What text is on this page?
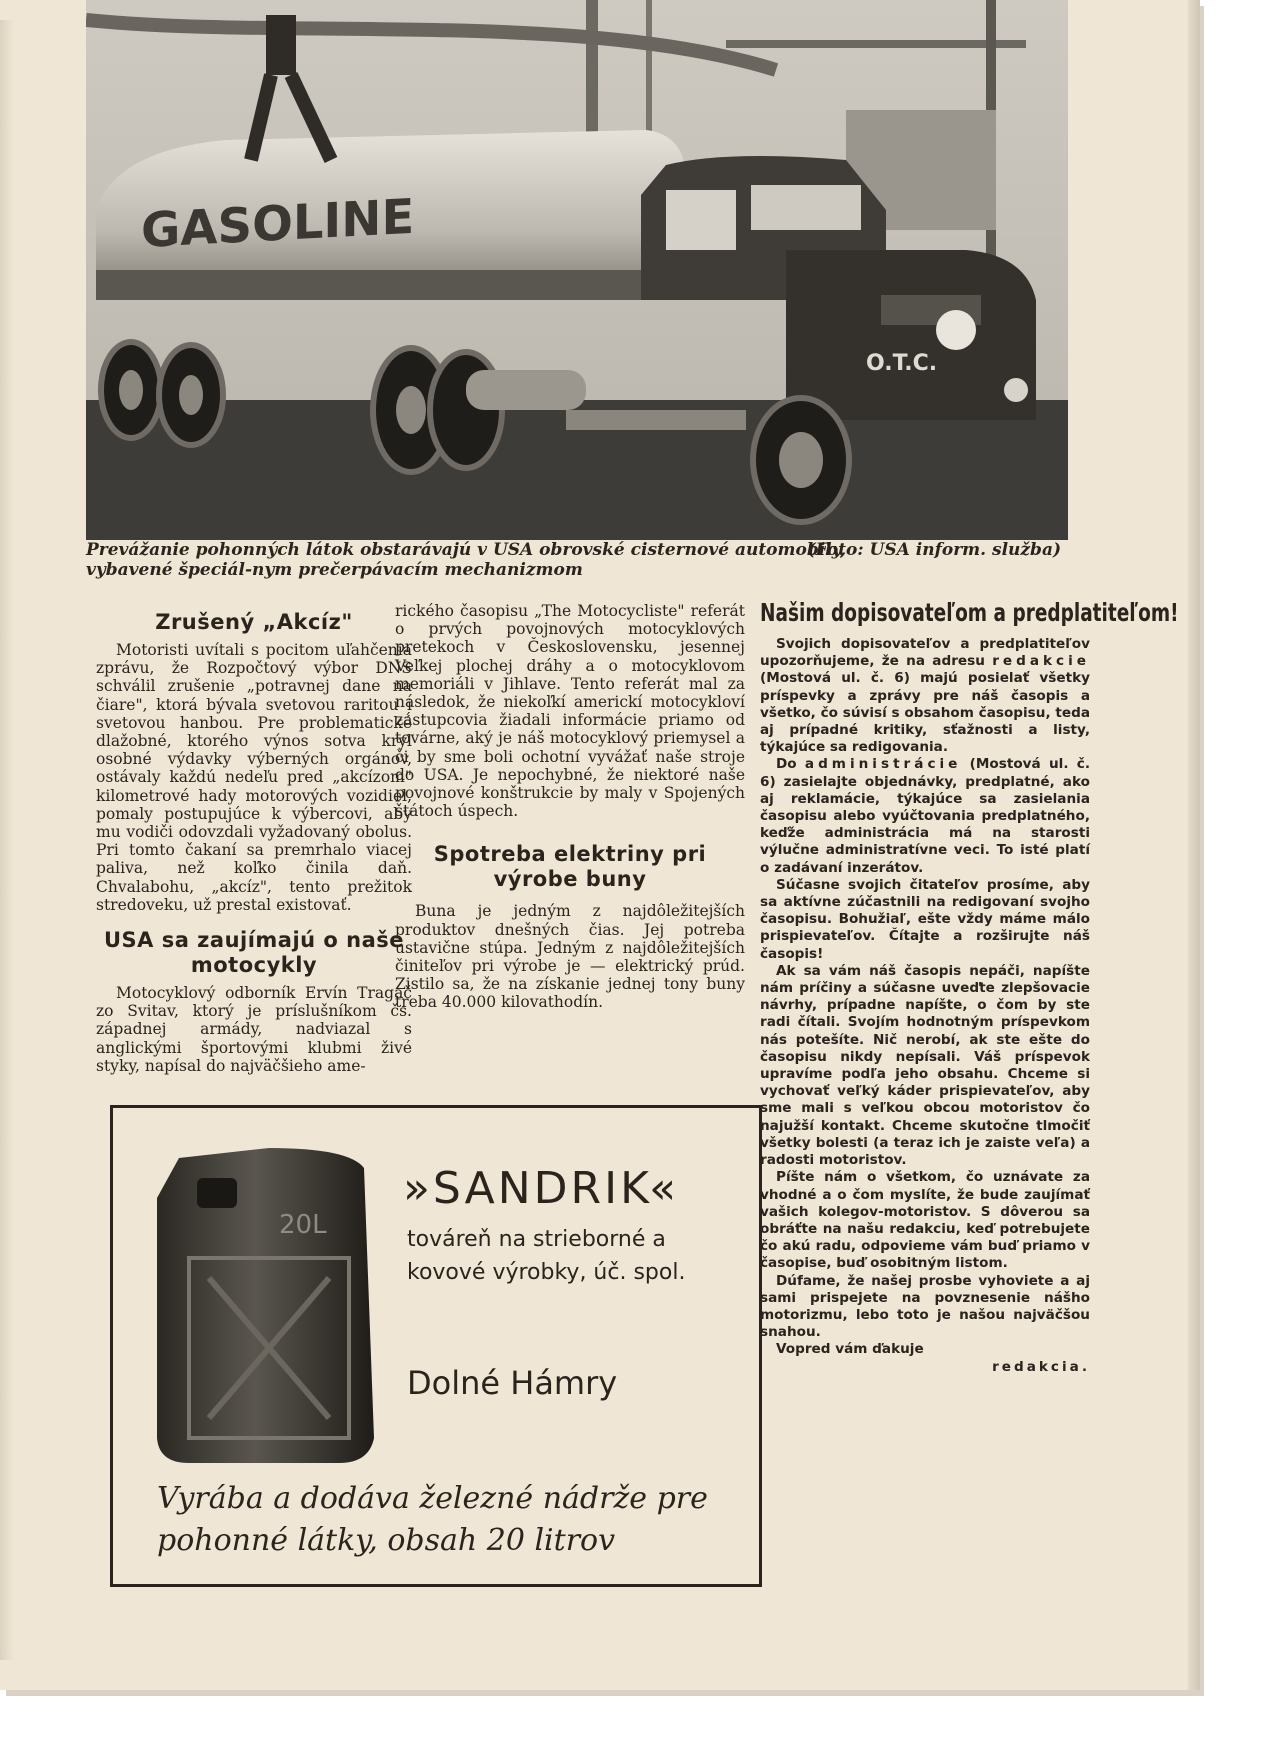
GASOLINE
O.T.C.
Prevážanie pohonných látok obstarávajú v USA obrovské cisternové automobily, vybavené špeciál-nym prečerpávacím mechanizmom
(Foto: USA inform. služba)
Zrušený „Akcíz"

Motoristi uvítali s pocitom uľahčenia zprávu, že Rozpočtový výbor DNS schválil zrušenie „potravnej dane na čiare", ktorá bývala svetovou raritou i svetovou hanbou. Pre problematické dlažobné, ktorého výnos sotva kryl osobné výdavky výberných orgánov, ostávaly každú nedeľu pred „akcízom" kilometrové hady motorových vozidiel, pomaly postupujúce k výbercovi, aby mu vodiči odovzdali vyžadovaný obolus. Pri tomto čakaní sa premrhalo viacej paliva, než koľko činila daň. Chvalabohu, „akcíz", tento prežitok stredoveku, už prestal existovať.

USA sa zaujímajú o naše motocykly

Motocyklový odborník Ervín Tragač zo Svitav, ktorý je príslušníkom čs. západnej armády, nadviazal s anglickými športovými klubmi živé styky, napísal do najväčšieho ame-

rického časopisu „The Motocycliste" referát o prvých povojnových motocyklových pretekoch v Československu, jesennej Veľkej plochej dráhy a o motocyklovom memoriáli v Jihlave. Tento referát mal za následok, že niekoľkí americkí motocykloví zástupcovia žiadali informácie priamo od továrne, aký je náš motocyklový priemysel a či by sme boli ochotní vyvážať naše stroje do USA. Je nepochybné, že niektoré naše povojnové konštrukcie by maly v Spojených štátoch úspech.

Spotreba elektriny pri výrobe buny

Buna je jedným z najdôležitejších produktov dnešných čias. Jej potreba ustavične stúpa. Jedným z najdôležitejších činiteľov pri výrobe je — elektrický prúd. Zistilo sa, že na získanie jednej tony buny treba 40.000 kilovathodín.

Našim dopisovateľom a predplatiteľom!

Svojich dopisovateľov a predplatiteľov upozorňujeme, že na adresu redakcie (Mostová ul. č. 6) majú posielať všetky príspevky a zprávy pre náš časopis a všetko, čo súvisí s obsahom časopisu, teda aj prípadné kritiky, sťažnosti a listy, týkajúce sa redigovania.

Do administrácie (Mostová ul. č. 6) zasielajte objednávky, predplatné, ako aj reklamácie, týkajúce sa zasielania časopisu alebo vyúčtovania predplatného, keďže administrácia má na starosti výlučne administratívne veci. To isté platí o zadávaní inzerátov.

Súčasne svojich čitateľov prosíme, aby sa aktívne zúčastnili na redigovaní svojho časopisu. Bohužiaľ, ešte vždy máme málo prispievateľov. Čítajte a rozširujte náš časopis!

Ak sa vám náš časopis nepáči, napíšte nám príčiny a súčasne uveďte zlepšovacie návrhy, prípadne napíšte, o čom by ste radi čítali. Svojím hodnotným príspevkom nás potešíte. Nič nerobí, ak ste ešte do časopisu nikdy nepísali. Váš príspevok upravíme podľa jeho obsahu. Chceme si vychovať veľký káder prispievateľov, aby sme mali s veľkou obcou motoristov čo najužší kontakt. Chceme skutočne tlmočiť všetky bolesti (a teraz ich je zaiste veľa) a radosti motoristov.

Píšte nám o všetkom, čo uznávate za vhodné a o čom myslíte, že bude zaujímať vašich kolegov-motoristov. S dôverou sa obráťte na našu redakciu, keď potrebujete čo akú radu, odpovieme vám buď priamo v časopise, buď osobitným listom.

Dúfame, že našej prosbe vyhoviete a aj sami prispejete na povznesenie nášho motorizmu, lebo toto je našou najväčšou snahou.

Vopred vám ďakuje

redakcia.
20L
»SANDRIK«
továreň na strieborné a kovové výrobky, úč. spol.
Dolné Hámry
Vyrába a dodáva železné nádrže pre pohonné látky, obsah 20 litrov
